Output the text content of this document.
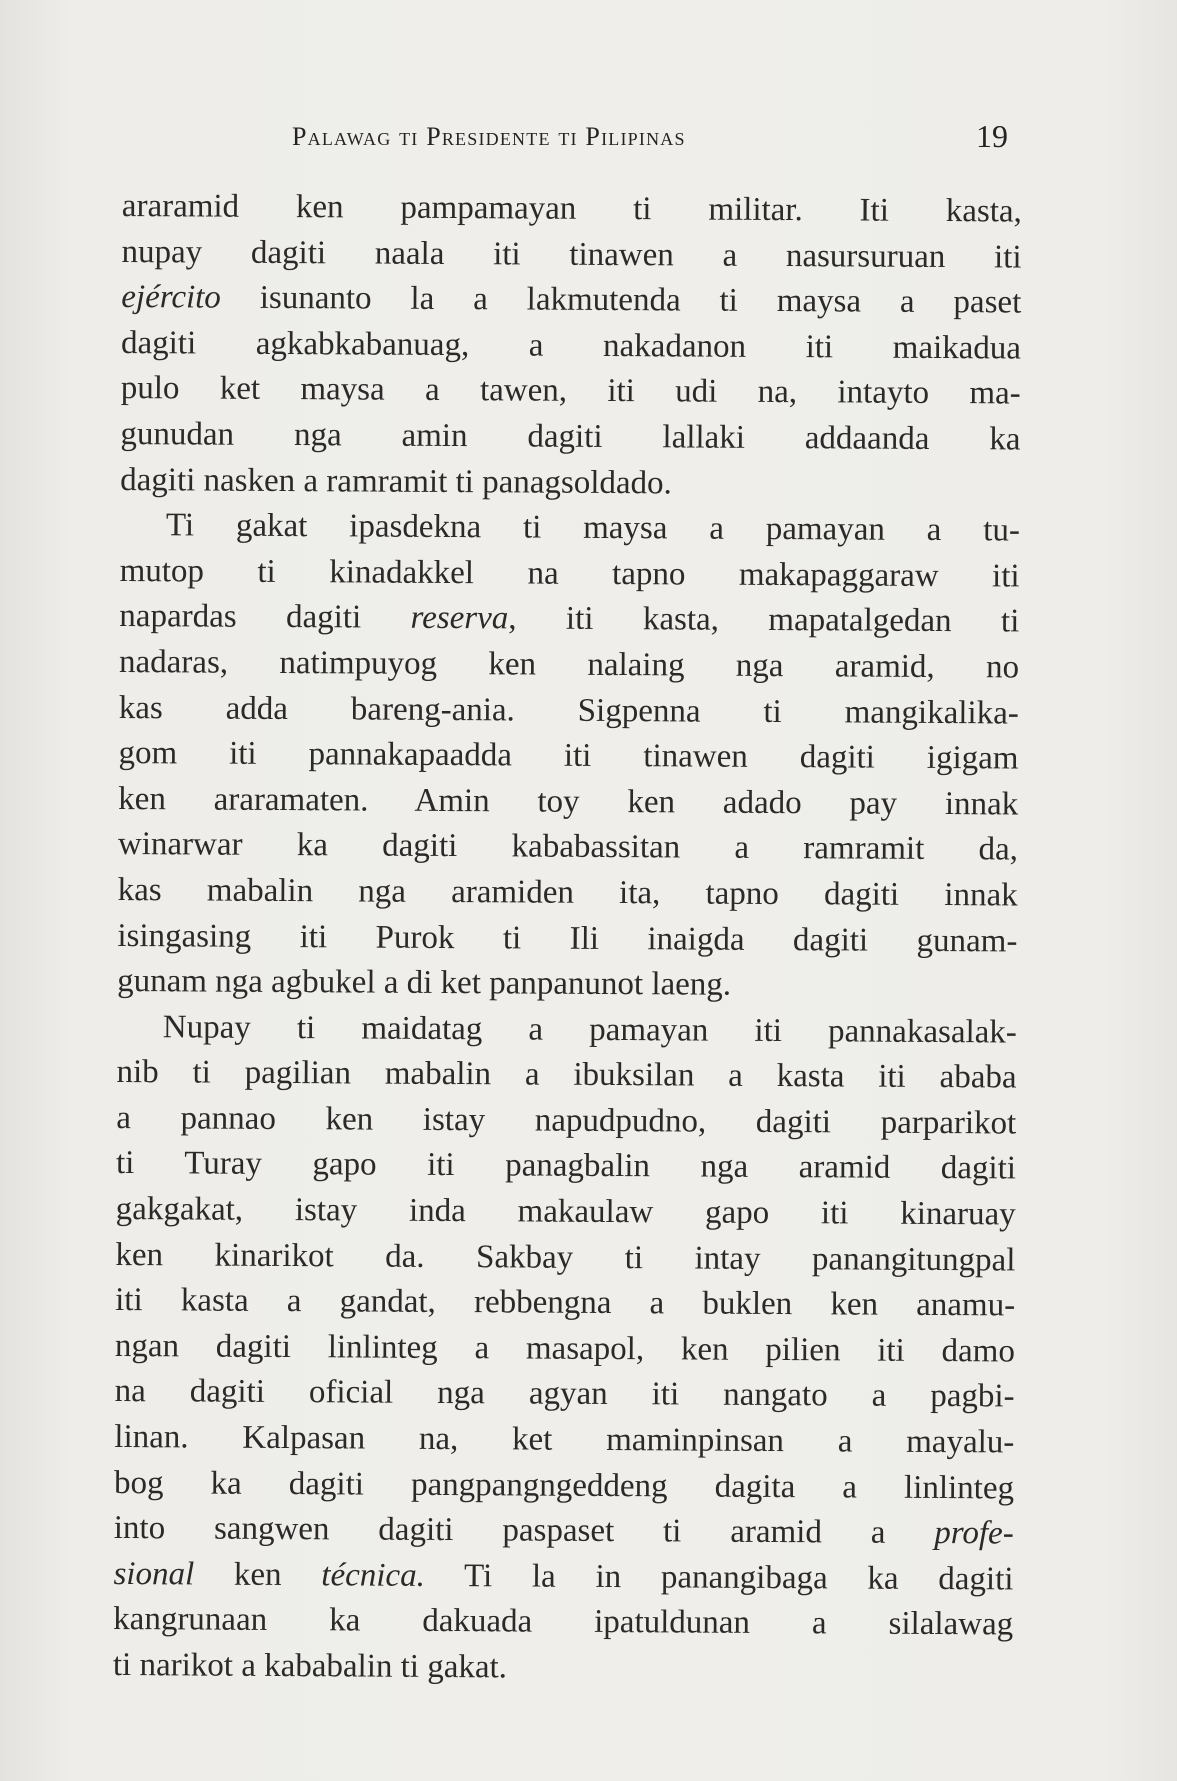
Palawag ti Presidente ti Pilipinas	19
araramid ken pampamayan ti militar. Iti kasta,
nupay dagiti naala iti tinawen a nasursuruan iti
ejército isunanto la a lakmutenda ti maysa a paset
dagiti agkabkabanuag, a nakadanon iti maikadua
pulo ket maysa a tawen, iti udi na, intayto ma-
gunudan nga amin dagiti lallaki addaanda ka
dagiti nasken a ramramit ti panagsoldado.
Ti gakat ipasdekna ti maysa a pamayan a tu-
mutop ti kinadakkel na tapno makapaggaraw iti
napardas dagiti reserva, iti kasta, mapatalgedan ti
nadaras, natimpuyog ken nalaing nga aramid, no
kas adda bareng-ania. Sigpenna ti mangikalika-
gom iti pannakapaadda iti tinawen dagiti igigam
ken araramaten. Amin toy ken adado pay innak
winarwar ka dagiti kababassitan a ramramit da,
kas mabalin nga aramiden ita, tapno dagiti innak
isingasing iti Purok ti Ili inaigda dagiti gunam-
gunam nga agbukel a di ket panpanunot laeng.
Nupay ti maidatag a pamayan iti pannakasalak-
nib ti pagilian mabalin a ibuksilan a kasta iti ababa
a pannao ken istay napudpudno, dagiti parparikot
ti Turay gapo iti panagbalin nga aramid dagiti
gakgakat, istay inda makaulaw gapo iti kinaruay
ken kinarikot da. Sakbay ti intay panangitungpal
iti kasta a gandat, rebbengna a buklen ken anamu-
ngan dagiti linlinteg a masapol, ken pilien iti damo
na dagiti oficial nga agyan iti nangato a pagbi-
linan. Kalpasan na, ket maminpinsan a mayalu-
bog ka dagiti pangpangngeddeng dagita a linlinteg
into sangwen dagiti paspaset ti aramid a profe-
sional ken técnica. Ti la in panangibaga ka dagiti
kangrunaan ka dakuada ipatuldunan a silalawag
ti narikot a kababalin ti gakat.
